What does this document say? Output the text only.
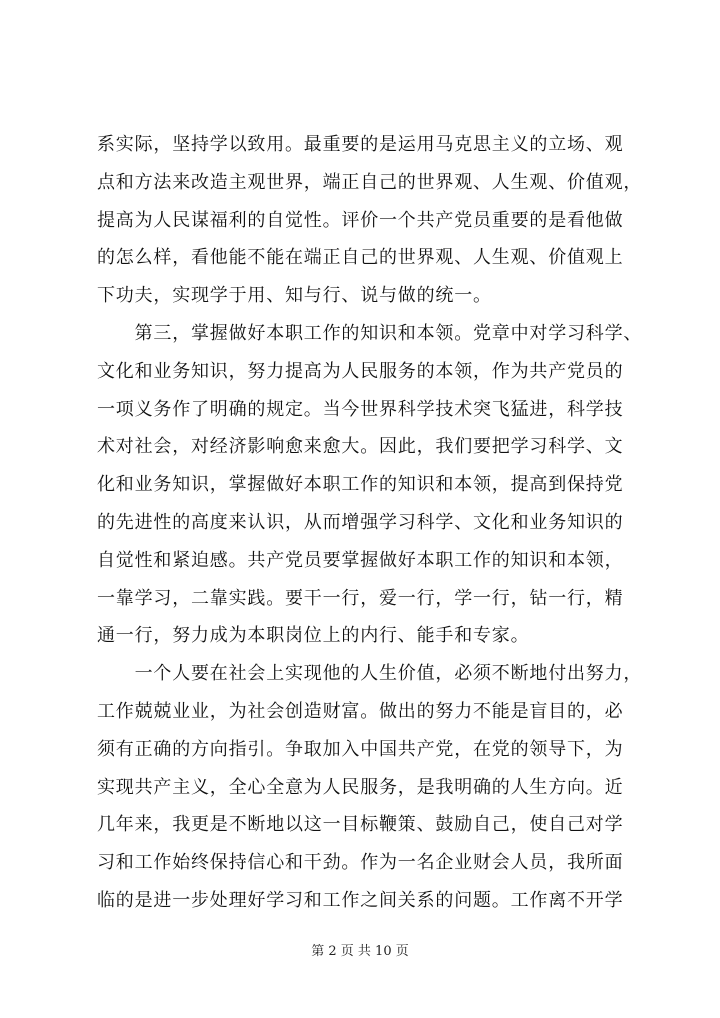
系实际，坚持学以致用。最重要的是运用马克思主义的立场、观
点和方法来改造主观世界，端正自己的世界观、人生观、价值观，
提高为人民谋福利的自觉性。评价一个共产党员重要的是看他做
的怎么样，看他能不能在端正自己的世界观、人生观、价值观上
下功夫，实现学于用、知与行、说与做的统一。
　　第三，掌握做好本职工作的知识和本领。党章中对学习科学、
文化和业务知识，努力提高为人民服务的本领，作为共产党员的
一项义务作了明确的规定。当今世界科学技术突飞猛进，科学技
术对社会，对经济影响愈来愈大。因此，我们要把学习科学、文
化和业务知识，掌握做好本职工作的知识和本领，提高到保持党
的先进性的高度来认识，从而增强学习科学、文化和业务知识的
自觉性和紧迫感。共产党员要掌握做好本职工作的知识和本领，
一靠学习，二靠实践。要干一行，爱一行，学一行，钻一行，精
通一行，努力成为本职岗位上的内行、能手和专家。
　　一个人要在社会上实现他的人生价值，必须不断地付出努力，
工作兢兢业业，为社会创造财富。做出的努力不能是盲目的，必
须有正确的方向指引。争取加入中国共产党，在党的领导下，为
实现共产主义，全心全意为人民服务，是我明确的人生方向。近
几年来，我更是不断地以这一目标鞭策、鼓励自己，使自己对学
习和工作始终保持信心和干劲。作为一名企业财会人员，我所面
临的是进一步处理好学习和工作之间关系的问题。工作离不开学
第 2 页 共 10 页
